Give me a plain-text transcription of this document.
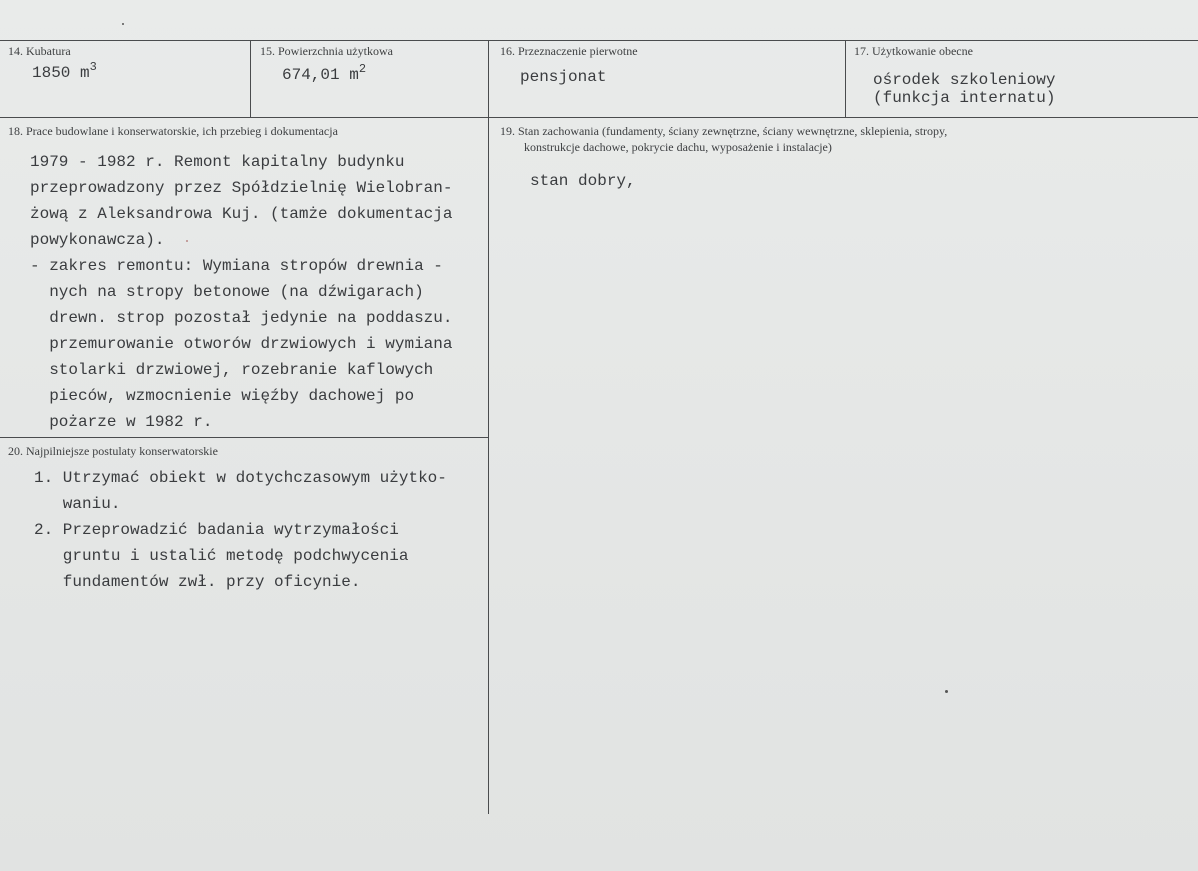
14. Kubatura
1850 $m^3$
15. Powierzchnia użytkowa
674,01 $m^2$
16. Przeznaczenie pierwotne
pensjonat
17. Użytkowanie obecne
ośrodek szkoleniowy
(funkcja internatu)
18. Prace budowlane i konserwatorskie, ich przebieg i dokumentacja
1979 - 1982 r. Remont kapitalny budynku
przeprowadzony przez Spółdzielnię Wielobran-
żową z Aleksandrowa Kuj. (tamże dokumentacja
powykonawcza).
- zakres remontu: Wymiana stropów drewnia -
nych na stropy betonowe (na dźwigarach)
drewn. strop pozostał jedynie na poddaszu.
przemurowanie otworów drzwiowych i wymiana
stolarki drzwiowej, rozebranie kaflowych
pieców, wzmocnienie więźby dachowej po
pożarze w 1982 r.
19. Stan zachowania (fundamenty, ściany zewnętrzne, ściany wewnętrzne, sklepienia, stropy,
konstrukcje dachowe, pokrycie dachu, wyposażenie i instalacje)
stan dobry,
20. Najpilniejsze postulaty konserwatorskie
1. Utrzymać obiekt w dotychczasowym użytko-
waniu.
2. Przeprowadzić badania wytrzymałości
gruntu i ustalić metodę podchwycenia
fundamentów zwł. przy oficynie.
